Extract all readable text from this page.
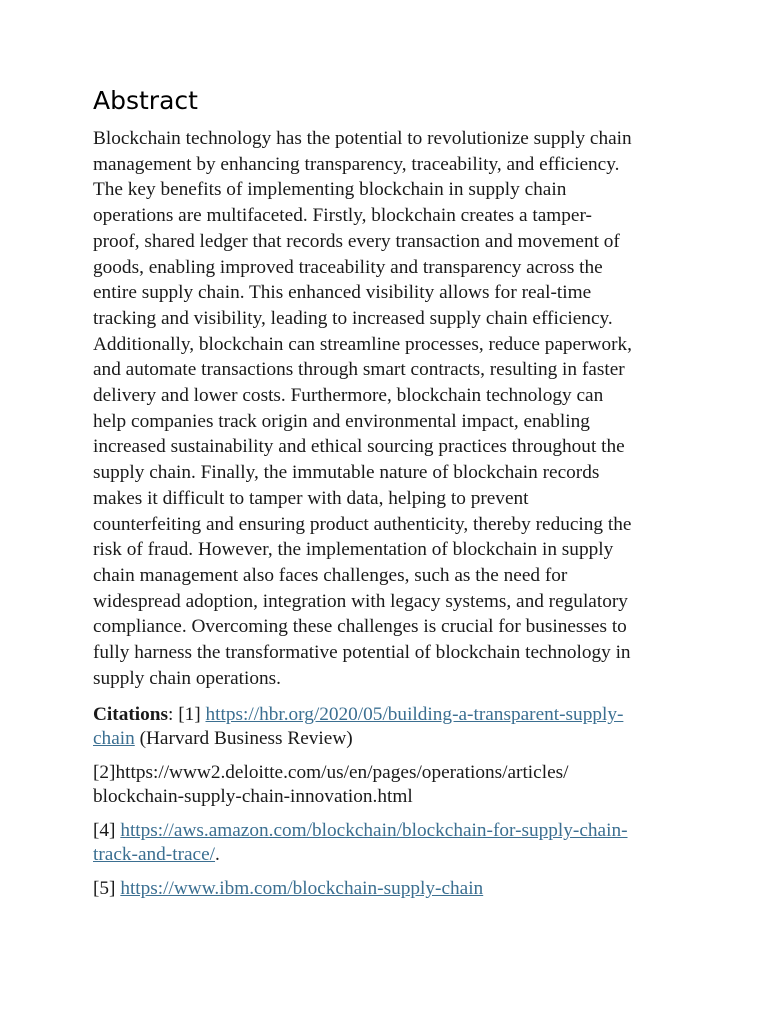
Abstract

Blockchain technology has the potential to revolutionize supply chain
management by enhancing transparency, traceability, and efficiency.
The key benefits of implementing blockchain in supply chain
operations are multifaceted. Firstly, blockchain creates a tamper-
proof, shared ledger that records every transaction and movement of
goods, enabling improved traceability and transparency across the
entire supply chain. This enhanced visibility allows for real-time
tracking and visibility, leading to increased supply chain efficiency.
Additionally, blockchain can streamline processes, reduce paperwork,
and automate transactions through smart contracts, resulting in faster
delivery and lower costs. Furthermore, blockchain technology can
help companies track origin and environmental impact, enabling
increased sustainability and ethical sourcing practices throughout the
supply chain. Finally, the immutable nature of blockchain records
makes it difficult to tamper with data, helping to prevent
counterfeiting and ensuring product authenticity, thereby reducing the
risk of fraud. However, the implementation of blockchain in supply
chain management also faces challenges, such as the need for
widespread adoption, integration with legacy systems, and regulatory
compliance. Overcoming these challenges is crucial for businesses to
fully harness the transformative potential of blockchain technology in
supply chain operations.

Citations: [1] https://hbr.org/2020/05/building-a-transparent-supply-
chain (Harvard Business Review)
[2]https://www2.deloitte.com/us/en/pages/operations/articles/
blockchain-supply-chain-innovation.html
[4] https://aws.amazon.com/blockchain/blockchain-for-supply-chain-
track-and-trace/.
[5] https://www.ibm.com/blockchain-supply-chain
